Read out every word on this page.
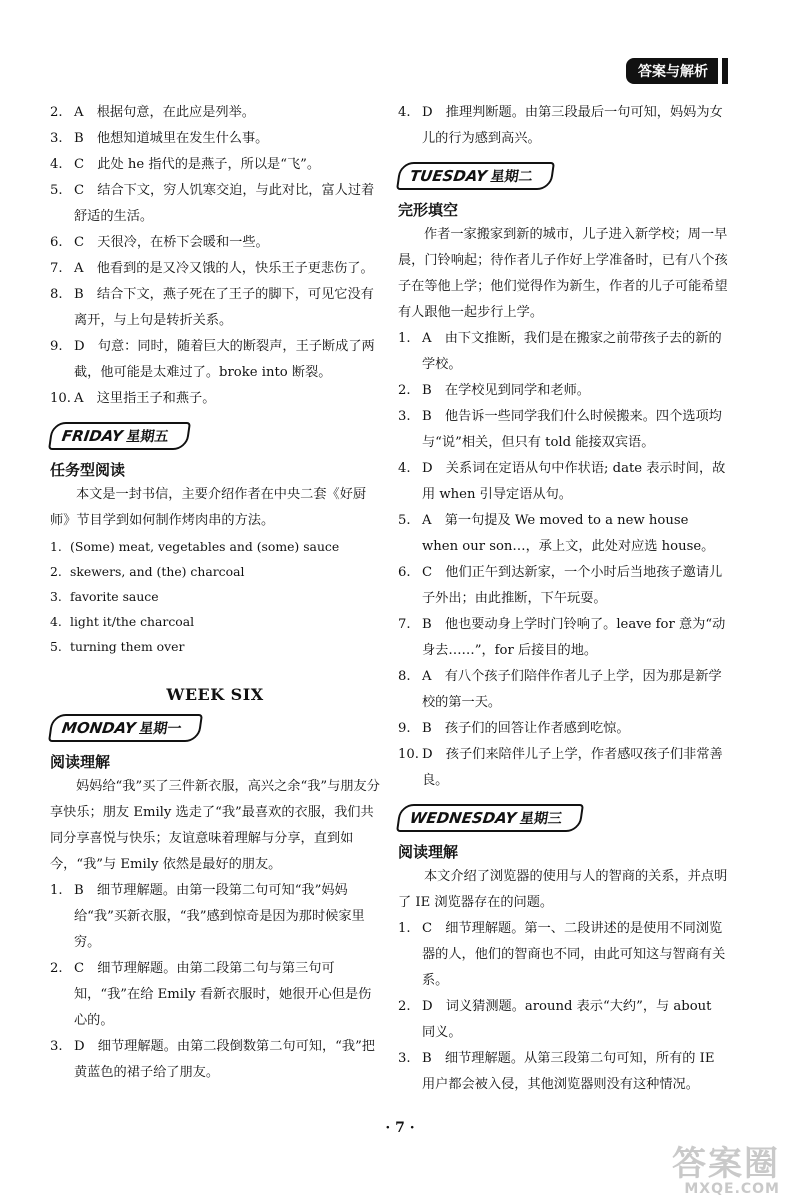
答案与解析
2. A　根据句意，在此应是列举。
3. B　他想知道城里在发生什么事。
4. C　此处 he 指代的是燕子，所以是“飞”。
5. C　结合下文，穷人饥寒交迫，与此对比，富人过着舒适的生活。
6. C　天很冷，在桥下会暖和一些。
7. A　他看到的是又冷又饿的人，快乐王子更悲伤了。
8. B　结合下文，燕子死在了王子的脚下，可见它没有离开，与上句是转折关系。
9. D　句意：同时，随着巨大的断裂声，王子断成了两截，他可能是太难过了。broke into 断裂。
10. A　这里指王子和燕子。
FRIDAY星期五
任务型阅读
本文是一封书信，主要介绍作者在中央二套《好厨师》节目学到如何制作烤肉串的方法。
1. (Some) meat, vegetables and (some) sauce
2. skewers, and (the) charcoal
3. favorite sauce
4. light it/the charcoal
5. turning them over
WEEK SIX
MONDAY星期一
阅读理解
妈妈给“我”买了三件新衣服，高兴之余“我”与朋友分享快乐；朋友 Emily 选走了“我”最喜欢的衣服，我们共同分享喜悦与快乐；友谊意味着理解与分享，直到如今，“我”与 Emily 依然是最好的朋友。
1. B　细节理解题。由第一段第二句可知“我”妈妈给“我”买新衣服，“我”感到惊奇是因为那时候家里穷。
2. C　细节理解题。由第二段第二句与第三句可知，“我”在给 Emily 看新衣服时，她很开心但是伤心的。
3. D　细节理解题。由第二段倒数第二句可知，“我”把黄蓝色的裙子给了朋友。
4. D　推理判断题。由第三段最后一句可知，妈妈为女儿的行为感到高兴。
TUESDAY星期二
完形填空
作者一家搬家到新的城市，儿子进入新学校；周一早晨，门铃响起；待作者儿子作好上学准备时，已有八个孩子在等他上学；他们觉得作为新生，作者的儿子可能希望有人跟他一起步行上学。
1. A　由下文推断，我们是在搬家之前带孩子去的新的学校。
2. B　在学校见到同学和老师。
3. B　他告诉一些同学我们什么时候搬来。四个选项均与“说”相关，但只有 told 能接双宾语。
4. D　关系词在定语从句中作状语; date 表示时间，故用 when 引导定语从句。
5. A　第一句提及 We moved to a new house when our son…，承上文，此处对应选 house。
6. C　他们正午到达新家，一个小时后当地孩子邀请儿子外出；由此推断，下午玩耍。
7. B　他也要动身上学时门铃响了。leave for 意为“动身去……”，for 后接目的地。
8. A　有八个孩子们陪伴作者儿子上学，因为那是新学校的第一天。
9. B　孩子们的回答让作者感到吃惊。
10. D　孩子们来陪伴儿子上学，作者感叹孩子们非常善良。
WEDNESDAY星期三
阅读理解
本文介绍了浏览器的使用与人的智商的关系，并点明了 IE 浏览器存在的问题。
1. C　细节理解题。第一、二段讲述的是使用不同浏览器的人，他们的智商也不同，由此可知这与智商有关系。
2. D　词义猜测题。around 表示“大约”，与 about 同义。
3. B　细节理解题。从第三段第二句可知，所有的 IE 用户都会被入侵，其他浏览器则没有这种情况。
· 7 ·
答案圈
MXQE.COM
